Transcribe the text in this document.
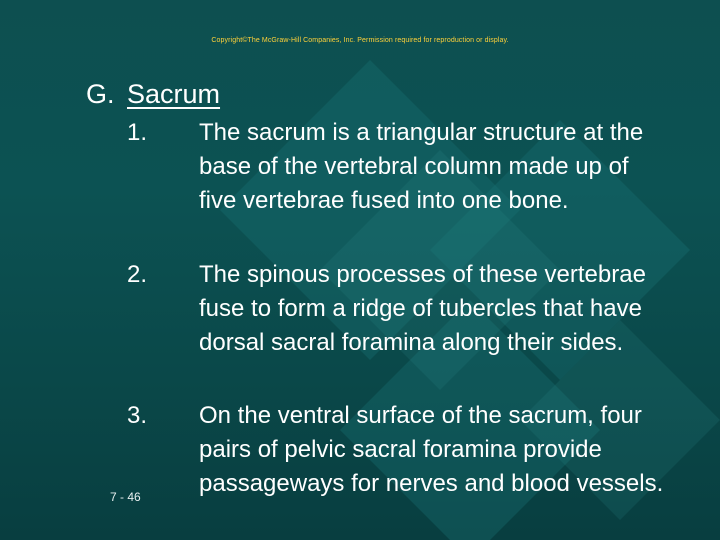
Copyright©The McGraw-Hill Companies, Inc. Permission required for reproduction or display.
G. Sacrum
1.	The sacrum is a triangular structure at the base of the vertebral column made up of five vertebrae fused into one bone.
2.	The spinous processes of these vertebrae fuse to form a ridge of tubercles that have dorsal sacral foramina along their sides.
3.	On the ventral surface of the sacrum, four pairs of pelvic sacral foramina provide passageways for nerves and blood vessels.
7 - 46
